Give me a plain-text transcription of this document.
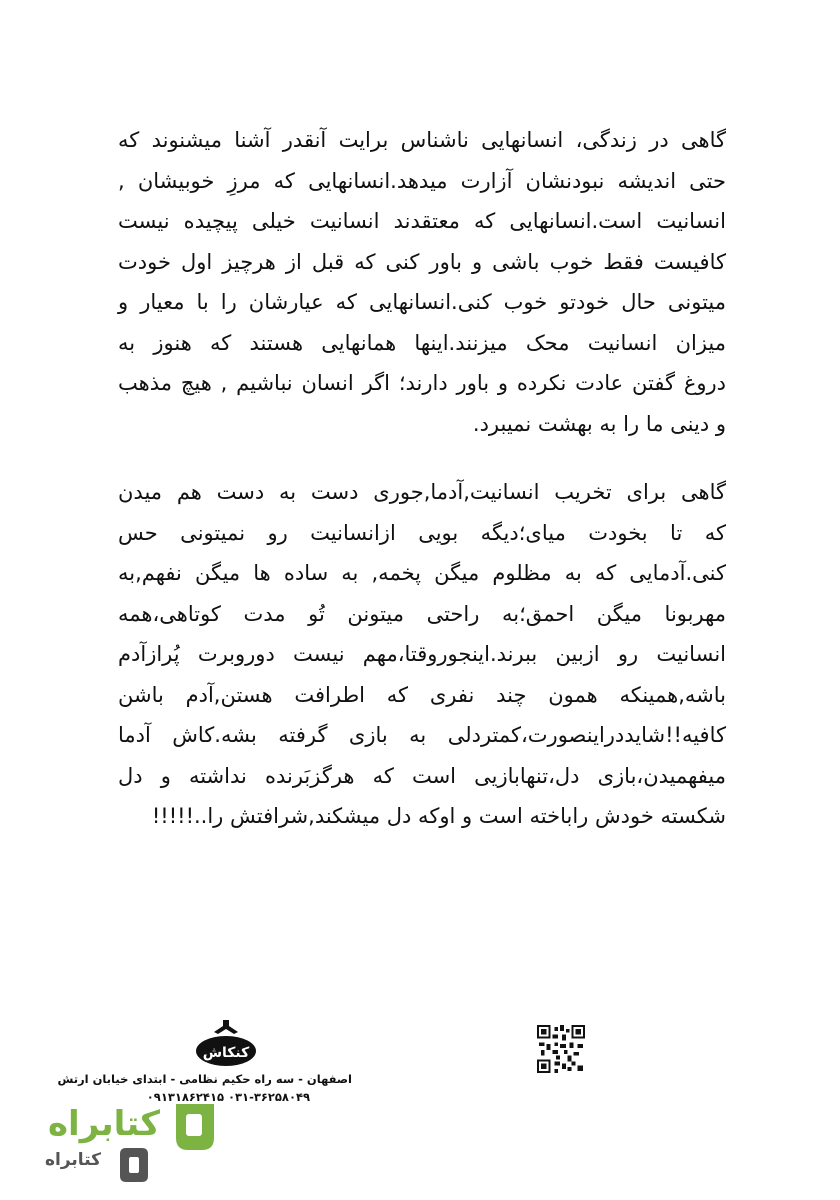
گاهی در زندگی، انسانهایی ناشناس برایت آنقدر آشنا میشنوند که
حتی اندیشه نبودنشان آزارت میدهد.انسانهایی که مرزِ خوبیشان ,
انسانیت است.انسانهایی که معتقدند انسانیت خیلی پیچیده نیست
کافیست فقط خوب باشی و باور کنی که قبل از هرچیز اول خودت
میتونی حال خودتو خوب کنی.انسانهایی که عیارشان را با معیار و
میزان انسانیت محک میزنند.اینها همانهایی هستند که هنوز به
دروغ گفتن عادت نکرده و باور دارند؛ اگر انسان نباشیم , هیچ مذهب
و دینی ما را به بهشت نمیبرد.
گاهی برای تخریب انسانیت,آدما,جوری دست به دست هم میدن
که تا بخودت میای؛دیگه بویی ازانسانیت رو نمیتونی حس
کنی.آدمایی که به مظلوم میگن پخمه, به ساده ها میگن نفهم,به
مهربونا میگن احمق؛به راحتی میتونن تُو مدت کوتاهی،همه
انسانیت رو ازبین ببرند.اینجوروقتا،مهم نیست دوروبرت پُرازآدم
باشه,همینکه همون چند نفری که اطرافت هستن,آدم باشن
کافیه!!شایددراینصورت،کمتردلی به بازی گرفته بشه.کاش آدما
میفهمیدن،بازی دل،تنهابازیی است که هرگزبَرنده نداشته و دل
شکسته خودش راباخته است و اوکه دل میشکند,شرافتش را..!!!!!
کنکاش
اصفهان - سه راه حکیم نظامی - ابتدای خیابان ارتش
۰۳۱-۳۶۲۵۸۰۴۹ ۰۹۱۳۱۸۶۲۴۱۵
کتابراه
کتابراه
